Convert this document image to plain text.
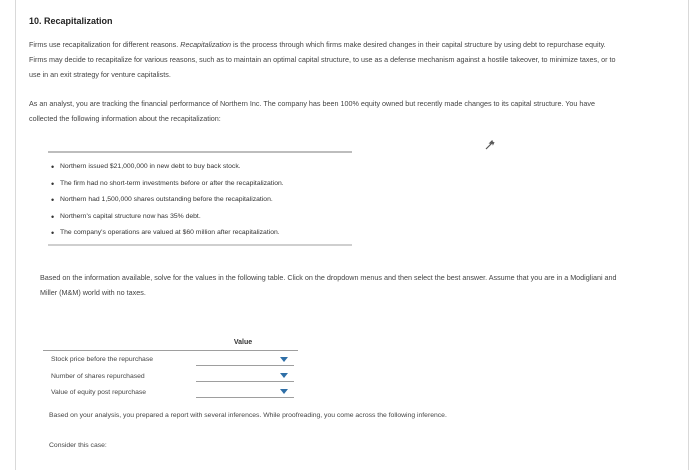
10. Recapitalization
Firms use recapitalization for different reasons. Recapitalization is the process through which firms make desired changes in their capital structure by using debt to repurchase equity. Firms may decide to recapitalize for various reasons, such as to maintain an optimal capital structure, to use as a defense mechanism against a hostile takeover, to minimize taxes, or to use in an exit strategy for venture capitalists.
As an analyst, you are tracking the financial performance of Northern Inc. The company has been 100% equity owned but recently made changes to its capital structure. You have collected the following information about the recapitalization:
• Northern issued $21,000,000 in new debt to buy back stock.
• The firm had no short-term investments before or after the recapitalization.
• Northern had 1,500,000 shares outstanding before the recapitalization.
• Northern's capital structure now has 35% debt.
• The company's operations are valued at $60 million after recapitalization.
Based on the information available, solve for the values in the following table. Click on the dropdown menus and then select the best answer. Assume that you are in a Modigliani and Miller (M&M) world with no taxes.
Value
Stock price before the repurchase
Number of shares repurchased
Value of equity post repurchase
Based on your analysis, you prepared a report with several inferences. While proofreading, you come across the following inference.
Consider this case:
